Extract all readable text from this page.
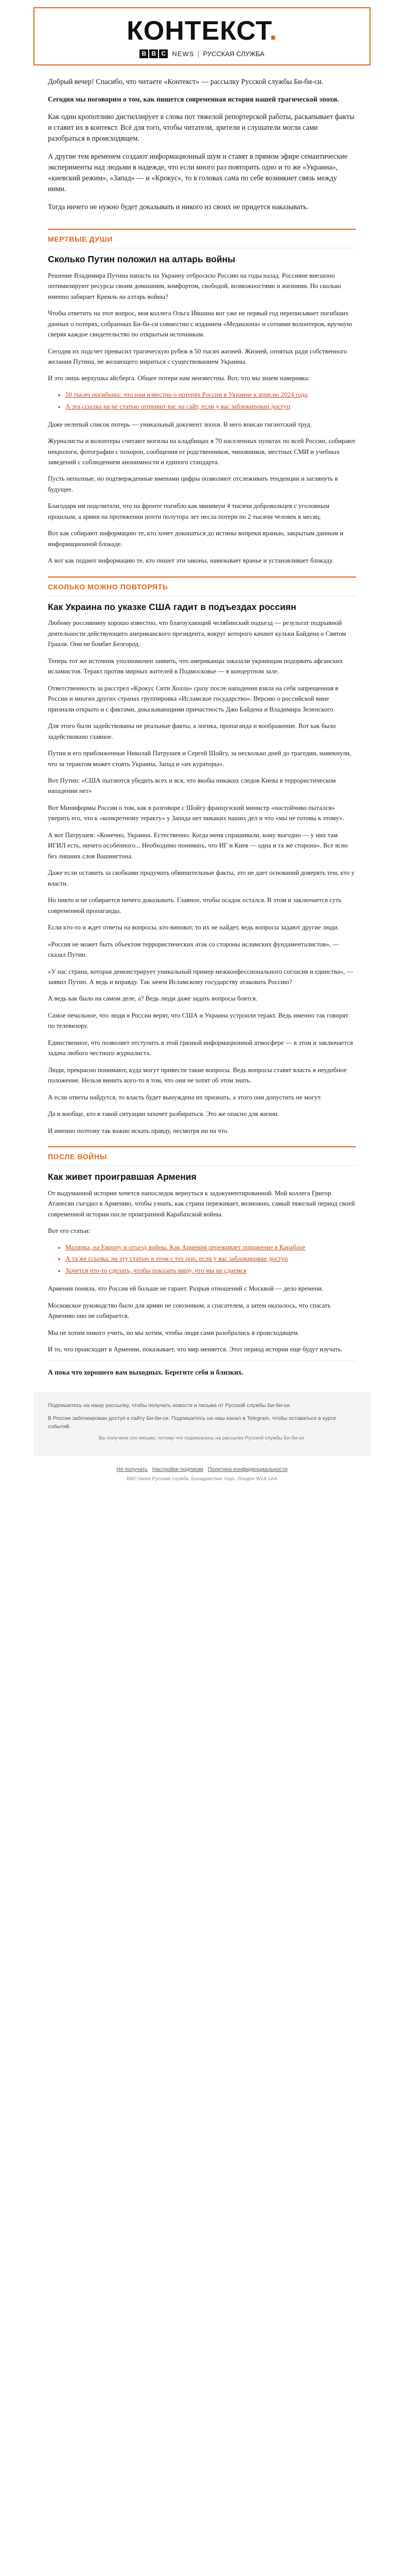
КОНТЕКСТ.
B B C NEWS РУССКАЯ СЛУЖБА

Добрый вечер! Спасибо, что читаете «Контекст» — рассылку Русской службы Би-би-си.

Сегодня мы поговорим о том, как пишется современная история нашей трагической эпохи.

Как один кропотливо дистиллирует в слова пот тяжелой репортерской работы, раскапывает факты и ставит их в контекст. Всё для того, чтобы читатели, зрители и слушатели могли сами разобраться в происходящем.

А другие тем временем создают информационный шум и ставят в прямом эфире семантические эксперименты над людьми в надежде, что если много раз повторить одно и то же «Украина», «киевский режим», «Запад» — и «Крокус», то в головах сама по себе возникнет связь между ними.

Тогда ничего не нужно будет доказывать и никого из своих не придется наказывать.

МЕРТВЫЕ ДУШИ
Сколько Путин положил на алтарь войны

Решение Владимира Путина напасть на Украину отбросило Россию на годы назад. Россияне внезапно оптимизируют ресурсы своим домашним, комфортом, свободой, возможностями и жизнями. Но сколько именно забирает Кремль на алтарь войны?

Чтобы ответить на этот вопрос, моя коллега Ольга Ившина вот уже не первый год переписывает погибших данных о потерях, собранных Би-би-си совместно с изданием «Медиазона» и сотнями волонтеров, вручную сверяя каждое свидетельство по открытым источникам.

Сегодня их подсчет превысил трагическую рубеж в 50 тысяч жизней. Жизней, отнятых ради собственного желания Путина, не желающего мириться с существованием Украины.

И это лишь верхушка айсберга. Общее потери нам неизвестны. Вот, что мы знаем наверняка:

• 50 тысяч погибших: что нам известно о потерях России в Украине к апрелю 2024 года
• А эта ссылка на не статью отправит вас на сайт, если у вас заблокирован доступ

Даже нелепый список потерь — уникальный документ эпохи. В него вписан гигантский труд.

Журналисты и волонтеры считают могилы на кладбищах в 70 населенных пунктах по всей России, собирают некрологи, фотографии с похорон, сообщения от родственников, чиновников, местных СМИ и учебных заведений с соблюдением анонимности и единого стандарта.

Пусть неполные, но подтвержденные именами цифры позволяют отслеживать тенденции и заглянуть в будущее.

Благодаря им подсчитали, что на фронте погибло как минимум 4 тысячи добровольцев с уголовным прошлым, а армия на протяжении почти полутора лет несла потери по 2 тысячи человек в месяц.

Вот как собирают информацию те, кто хочет докопаться до истины вопреки вранью, закрытым данным и информационной блокаде.

А вот как подают информацию те, кто пишет эти законы, навязывает вранье и устанавливает блокаду.

СКОЛЬКО МОЖНО ПОВТОРЯТЬ
Как Украина по указке США гадит в подъездах россиян

Любому россиянину хорошо известно, что благоухающий челябинский подъезд — результат подрывной деятельности действующего американского президента, вокруг которого качают кульки Байдена о Святом Грааля. Они не бомбят Белгород.

Теперь тот же источник уполномочен заявить, что американцы заказали украинцам подорвать афганских исламистов. Теракт против мирных жителей в Подмосковье — в концертном зале.

Ответственность за расстрел «Крокус Сити Холла» сразу после нападения взяла на себя запрещенная в России и многих других странах группировка «Исламское государство». Версию о российской вине признали открыто и с фактами, доказывающими причастность Джо Байдена и Владимира Зеленского.

Для этого были задействованы не реальные факты, а логика, пропаганда и воображение. Вот как было задействовано главное.

Путин и его приближенные Николай Патрушев и Сергей Шойгу, за несколько дней до трагедии, намекнули, что за терактом может стоять Украина, Запад и «их кураторы».

Вот Путин: «США пытаются убедить всех и вся, что якобы никаких следов Киева в террористическом нападении нет»

Вот Миниформы России о том, как в разговоре с Шойгу французский министр «настойчиво пытался» уверить его, что к «конкретному теракту» у Запада нет никаких наших дел и что «мы не готовы к этому».

А вот Патрушев: «Конечно, Украина. Естественно. Когда меня спрашивали, кому выгодно — у них там ИГИЛ есть, ничего особенного... Необходимо понимать, что ИГ и Киев — одна и та же сторона». Все ясно без лишних слов Вашингтона.

Даже если оставить за скобками продумать обвинительные факты, это не дает оснований доверять тем, кто у власти.

Но никто и не собирается ничего доказывать. Главное, чтобы осадок остался. В этом и заключается суть современной пропаганды.

Если кто-то и ждет ответы на вопросы, кто виноват, то их не найдет, ведь вопросы задают другие люди.

«Россия не может быть объектом террористических атак со стороны исламских фундаменталистов», — сказал Путин.

«У нас страна, которая демонстрирует уникальный пример межконфессионального согласия и единства», — заявил Путин. А ведь и вправду. Так зачем Исламскому государству атаковать Россию?

А ведь как было на самом деле, а? Ведь люди даже задать вопросы боятся.

Самое печальное, что люди в России верят, что США и Украина устроили теракт. Ведь именно так говорят по телевизору.

Единственное, что позволяет отступить в этой грязной информационной атмосфере — в этом и заключается задача любого честного журналиста.

Люди, прекрасно понимают, куда могут привести такие вопросы. Ведь вопросы ставят власть в неудобное положение. Нельзя винить кого-то в том, что они не хотят об этом знать.

А если ответы найдутся, то власть будет вынуждена их признать, а этого они допустить не могут.

Да и вообще, кто в такой ситуации захочет разбираться. Это же опасно для жизни.

И именно поэтому так важно искать правду, несмотря ни на что.

ПОСЛЕ ВОЙНЫ
Как живет проигравшая Армения

От выдуманной истории хочется напоследок вернуться к задокументированной. Мой коллега Григор Атанесян съездил в Армению, чтобы узнать, как страна переживает, возможно, самый тяжелый период своей современной истории после проигранной Карабахской войны.

Вот его статьи:

• Малярка, на Европу и отъезд войны. Как Армения переживает поражение в Карабахе
• А та же ссылка, на эту статью в этом с тех пор, если у вас заблокирован доступ
• Хочется что-то сделать, чтобы показать миру, что мы не сдаемся

Армения поняла, что Россия ей больше не гарант. Разрыв отношений с Москвой — дело времени.

Московское руководство было для армян не союзником, а спасателем, а затем оказалось, что спасать Армению оно не собирается.

Мы не хотим никого учить, но мы хотим, чтобы люди сами разобрались в происходящем.

И то, что происходит в Армении, показывает, что мир меняется. Этот период истории еще будут изучать.

А пока что хорошего вам выходных. Берегите себя и близких.

Подпишитесь на нашу рассылку, чтобы получать новости и письма от Русской службы Би-би-си.

В России заблокирован доступ к сайту Би-би-си. Подпишитесь на наш канал в Telegram, чтобы оставаться в курсе событий.

Вы получили это письмо, потому что подписались на рассылку Русской службы Би-би-си.

Не получать Настройки подписки Политика конфиденциальности
BBC News Русская служба, Броадкастинг Хаус, Лондон W1A 1AA
